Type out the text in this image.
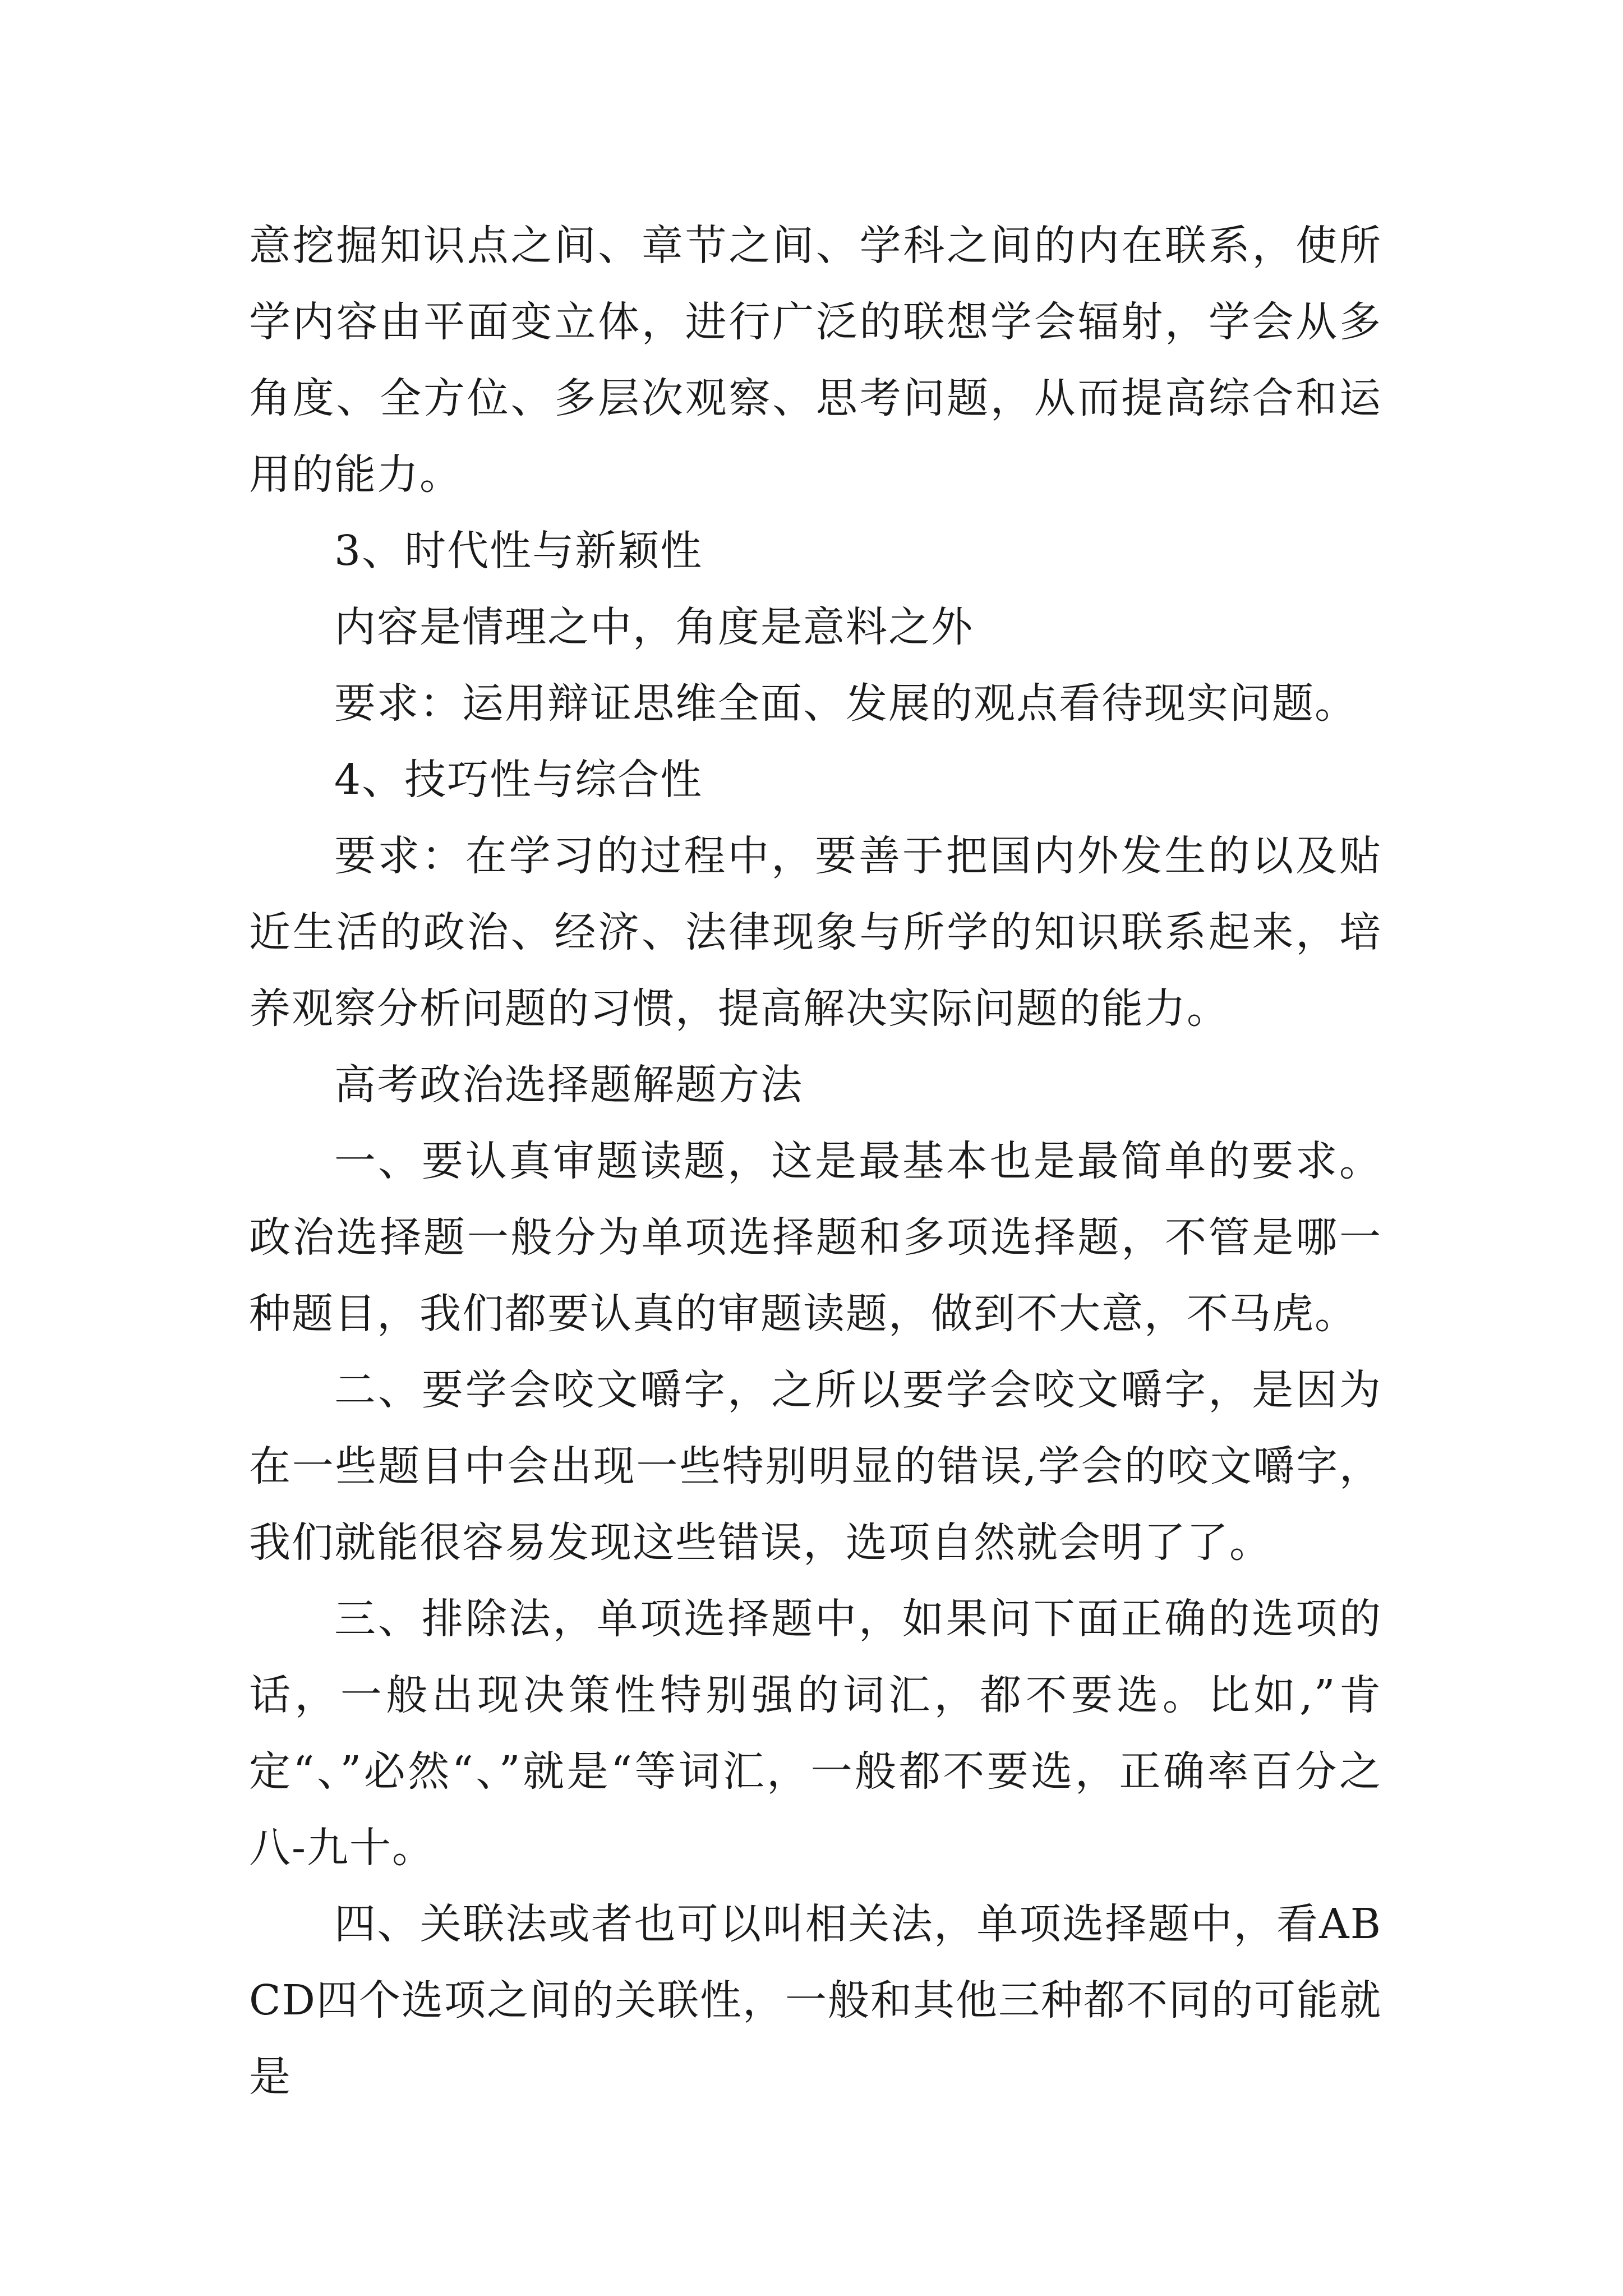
意挖掘知识点之间、章节之间、学科之间的内在联系，使所学内容由平面变立体，进行广泛的联想学会辐射，学会从多角度、全方位、多层次观察、思考问题，从而提高综合和运用的能力。

3、时代性与新颖性

内容是情理之中，角度是意料之外

要求：运用辩证思维全面、发展的观点看待现实问题。

4、技巧性与综合性

要求：在学习的过程中，要善于把国内外发生的以及贴近生活的政治、经济、法律现象与所学的知识联系起来，培养观察分析问题的习惯，提高解决实际问题的能力。

高考政治选择题解题方法

一、要认真审题读题，这是最基本也是最简单的要求。政治选择题一般分为单项选择题和多项选择题，不管是哪一种题目，我们都要认真的审题读题，做到不大意，不马虎。

二、要学会咬文嚼字，之所以要学会咬文嚼字，是因为在一些题目中会出现一些特别明显的错误,学会的咬文嚼字，我们就能很容易发现这些错误，选项自然就会明了了。

三、排除法，单项选择题中，如果问下面正确的选项的话，一般出现决策性特别强的词汇，都不要选。比如,”肯定“、”必然“、”就是“等词汇，一般都不要选，正确率百分之八-九十。

四、关联法或者也可以叫相关法，单项选择题中，看ABCD四个选项之间的关联性，一般和其他三种都不同的可能就是
